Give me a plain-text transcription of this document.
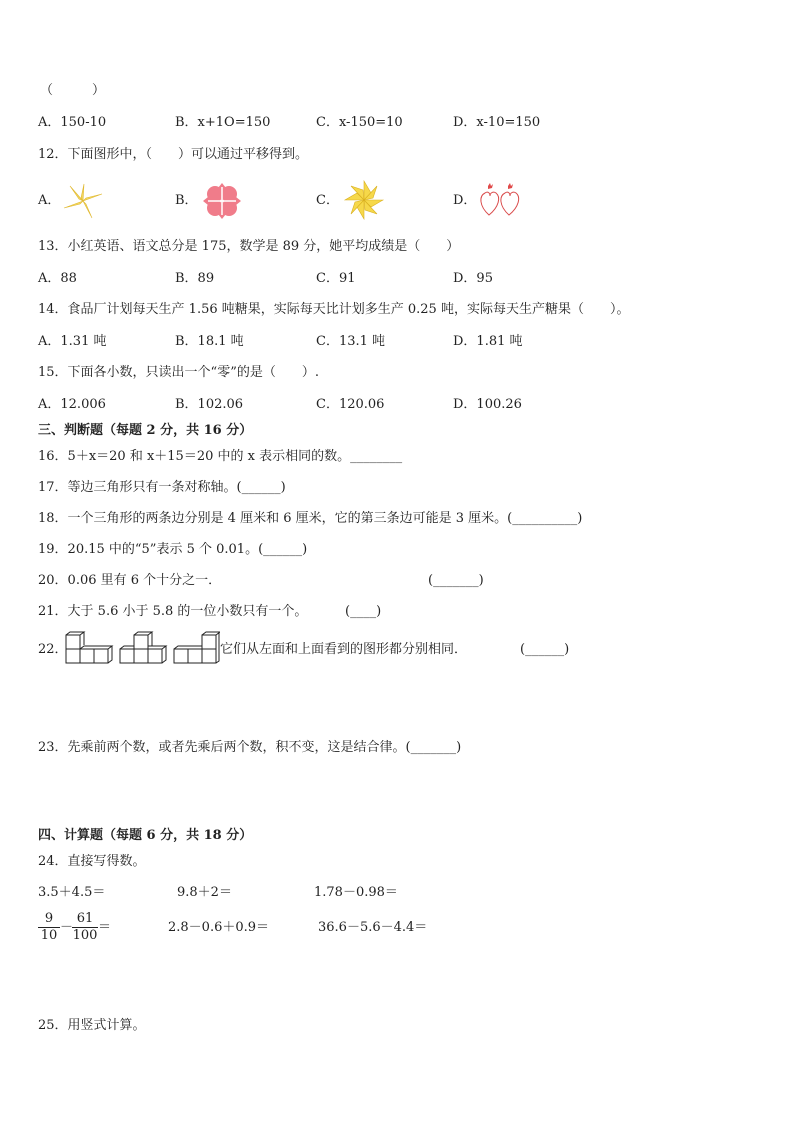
（　　　）
A．150-10	B．x+1O=150	C．x-150=10	D．x-10=150
12．下面图形中，（　　）可以通过平移得到。
A．	B．	C．	D．
13．小红英语、语文总分是 175，数学是 89 分，她平均成绩是（　　）
A．88	B．89	C．91	D．95
14．食品厂计划每天生产 1.56 吨糖果，实际每天比计划多生产 0.25 吨，实际每天生产糖果（　　）。
A．1.31 吨	B．18.1 吨	C．13.1 吨	D．1.81 吨
15．下面各小数，只读出一个“零”的是（　　）.
A．12.006	B．102.06	C．120.06	D．100.26
三、判断题（每题 2 分，共 16 分）
16．5＋x＝20 和 x＋15＝20 中的 x 表示相同的数。________
17．等边三角形只有一条对称轴。(______)
18．一个三角形的两条边分别是 4 厘米和 6 厘米，它的第三条边可能是 3 厘米。(__________)
19．20.15 中的“5”表示 5 个 0.01。(______)
20．0.06 里有 6 个十分之一．	(_______)
21．大于 5.6 小于 5.8 的一位小数只有一个。	(____)
22．	它们从左面和上面看到的图形都分别相同．	(______)
23．先乘前两个数，或者先乘后两个数，积不变，这是结合律。(_______)
四、计算题（每题 6 分，共 18 分）
24．直接写得数。
3.5＋4.5＝	9.8＋2＝	1.78－0.98＝
$\frac{9}{10}$ －
$\frac{61}{100}$ ＝	2.8－0.6＋0.9＝	36.6－5.6－4.4＝
25．用竖式计算。
